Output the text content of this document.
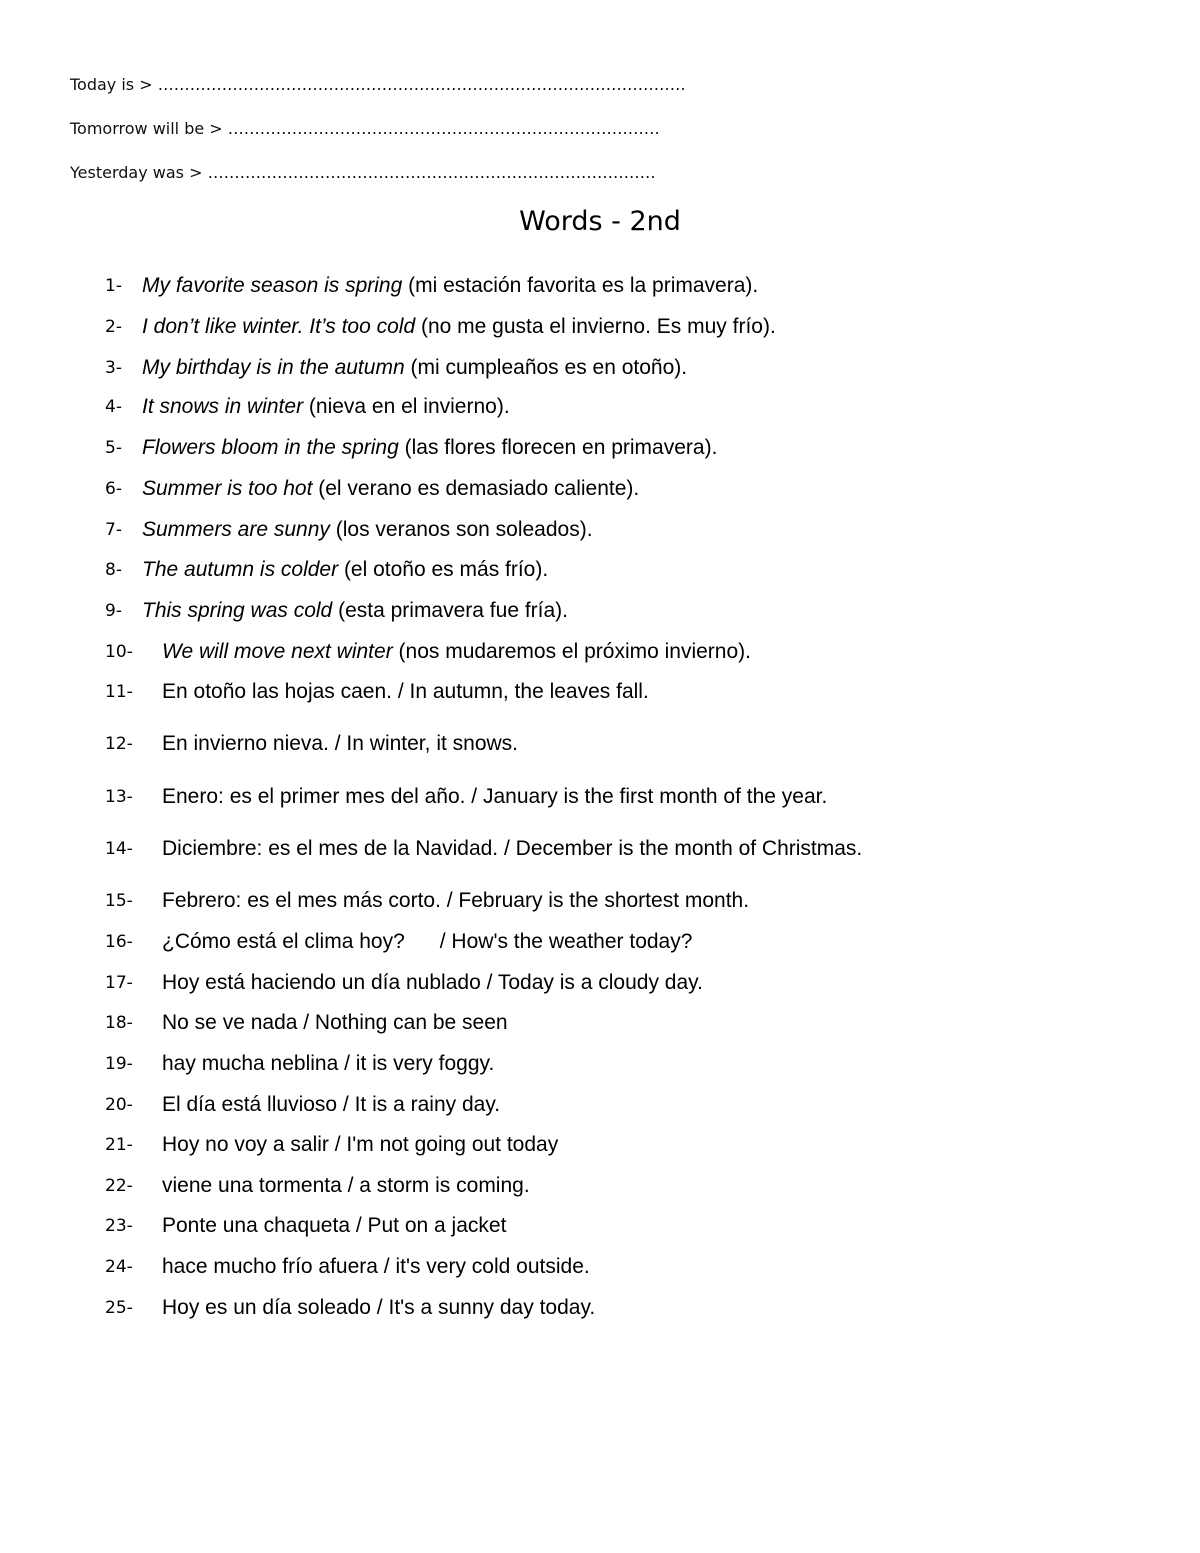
Today is > ………………………………………………………………………………………
Tomorrow will be > ………………………………………………………………………
Yesterday was > …………………………………………………………………………
Words - 2nd
1- My favorite season is spring (mi estación favorita es la primavera).
2- I don’t like winter. It’s too cold (no me gusta el invierno. Es muy frío).
3- My birthday is in the autumn (mi cumpleaños es en otoño).
4- It snows in winter (nieva en el invierno).
5- Flowers bloom in the spring (las flores florecen en primavera).
6- Summer is too hot (el verano es demasiado caliente).
7- Summers are sunny (los veranos son soleados).
8- The autumn is colder (el otoño es más frío).
9- This spring was cold (esta primavera fue fría).
10- We will move next winter (nos mudaremos el próximo invierno).
11- En otoño las hojas caen. / In autumn, the leaves fall.
12- En invierno nieva. / In winter, it snows.
13- Enero: es el primer mes del año. / January is the first month of the year.
14- Diciembre: es el mes de la Navidad. / December is the month of Christmas.
15- Febrero: es el mes más corto. / February is the shortest month.
16- ¿Cómo está el clima hoy?      / How's the weather today?
17- Hoy está haciendo un día nublado / Today is a cloudy day.
18- No se ve nada / Nothing can be seen
19- hay mucha neblina / it is very foggy.
20- El día está lluvioso / It is a rainy day.
21- Hoy no voy a salir / I'm not going out today
22- viene una tormenta / a storm is coming.
23- Ponte una chaqueta / Put on a jacket
24- hace mucho frío afuera / it's very cold outside.
25- Hoy es un día soleado / It's a sunny day today.
